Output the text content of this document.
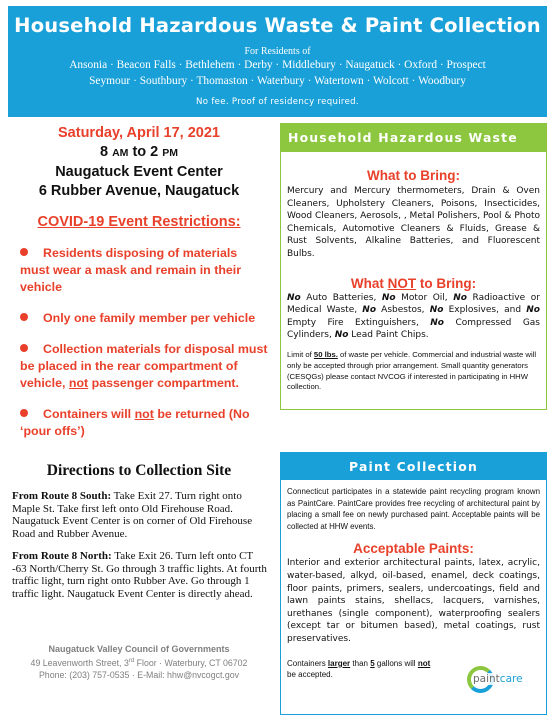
Household Hazardous Waste & Paint Collection
For Residents of
Ansonia · Beacon Falls · Bethlehem · Derby · Middlebury · Naugatuck · Oxford · Prospect
Seymour · Southbury · Thomaston · Waterbury · Watertown · Wolcott · Woodbury
No fee. Proof of residency required.
Saturday, April 17, 2021
8 AM to 2 PM
Naugatuck Event Center
6 Rubber Avenue, Naugatuck
COVID-19 Event Restrictions:
Residents disposing of materials must wear a mask and remain in their vehicle
Only one family member per vehicle
Collection materials for disposal must be placed in the rear compartment of vehicle, not passenger compartment.
Containers will not be returned (No ‘pour offs’)
Directions to Collection Site
From Route 8 South: Take Exit 27. Turn right onto Maple St. Take first left onto Old Firehouse Road. Naugatuck Event Center is on corner of Old Firehouse Road and Rubber Avenue.
From Route 8 North: Take Exit 26. Turn left onto CT -63 North/Cherry St. Go through 3 traffic lights. At fourth traffic light, turn right onto Rubber Ave. Go through 1 traffic light. Naugatuck Event Center is directly ahead.
Naugatuck Valley Council of Governments
49 Leavenworth Street, 3rd Floor · Waterbury, CT 06702
Phone: (203) 757-0535 · E-Mail: hhw@nvcogct.gov
Household Hazardous Waste
What to Bring:
Mercury and Mercury thermometers, Drain & Oven Cleaners, Upholstery Cleaners, Poisons, Insecticides, Wood Cleaners, Aerosols, , Metal Polishers, Pool & Photo Chemicals, Automotive Cleaners & Fluids, Grease & Rust Solvents, Alkaline Batteries, and Fluorescent Bulbs.
What NOT to Bring:
No Auto Batteries, No Motor Oil, No Radioactive or Medical Waste, No Asbestos, No Explosives, and No Empty Fire Extinguishers, No Compressed Gas Cylinders, No Lead Paint Chips.
Limit of 50 lbs. of waste per vehicle. Commercial and industrial waste will only be accepted through prior arrangement. Small quantity generators (CESQGs) please contact NVCOG if interested in participating in HHW collection.
Paint Collection
Connecticut participates in a statewide paint recycling program known as PaintCare. PaintCare provides free recycling of architectural paint by placing a small fee on newly purchased paint. Acceptable paints will be collected at HHW events.
Acceptable Paints:
Interior and exterior architectural paints, latex, acrylic, water-based, alkyd, oil-based, enamel, deck coatings, floor paints, primers, sealers, undercoatings, field and lawn paints stains, shellacs, lacquers, varnishes, urethanes (single component), waterproofing sealers (except tar or bitumen based), metal coatings, rust preservatives.
Containers larger than 5 gallons will not be accepted.	paintcare
